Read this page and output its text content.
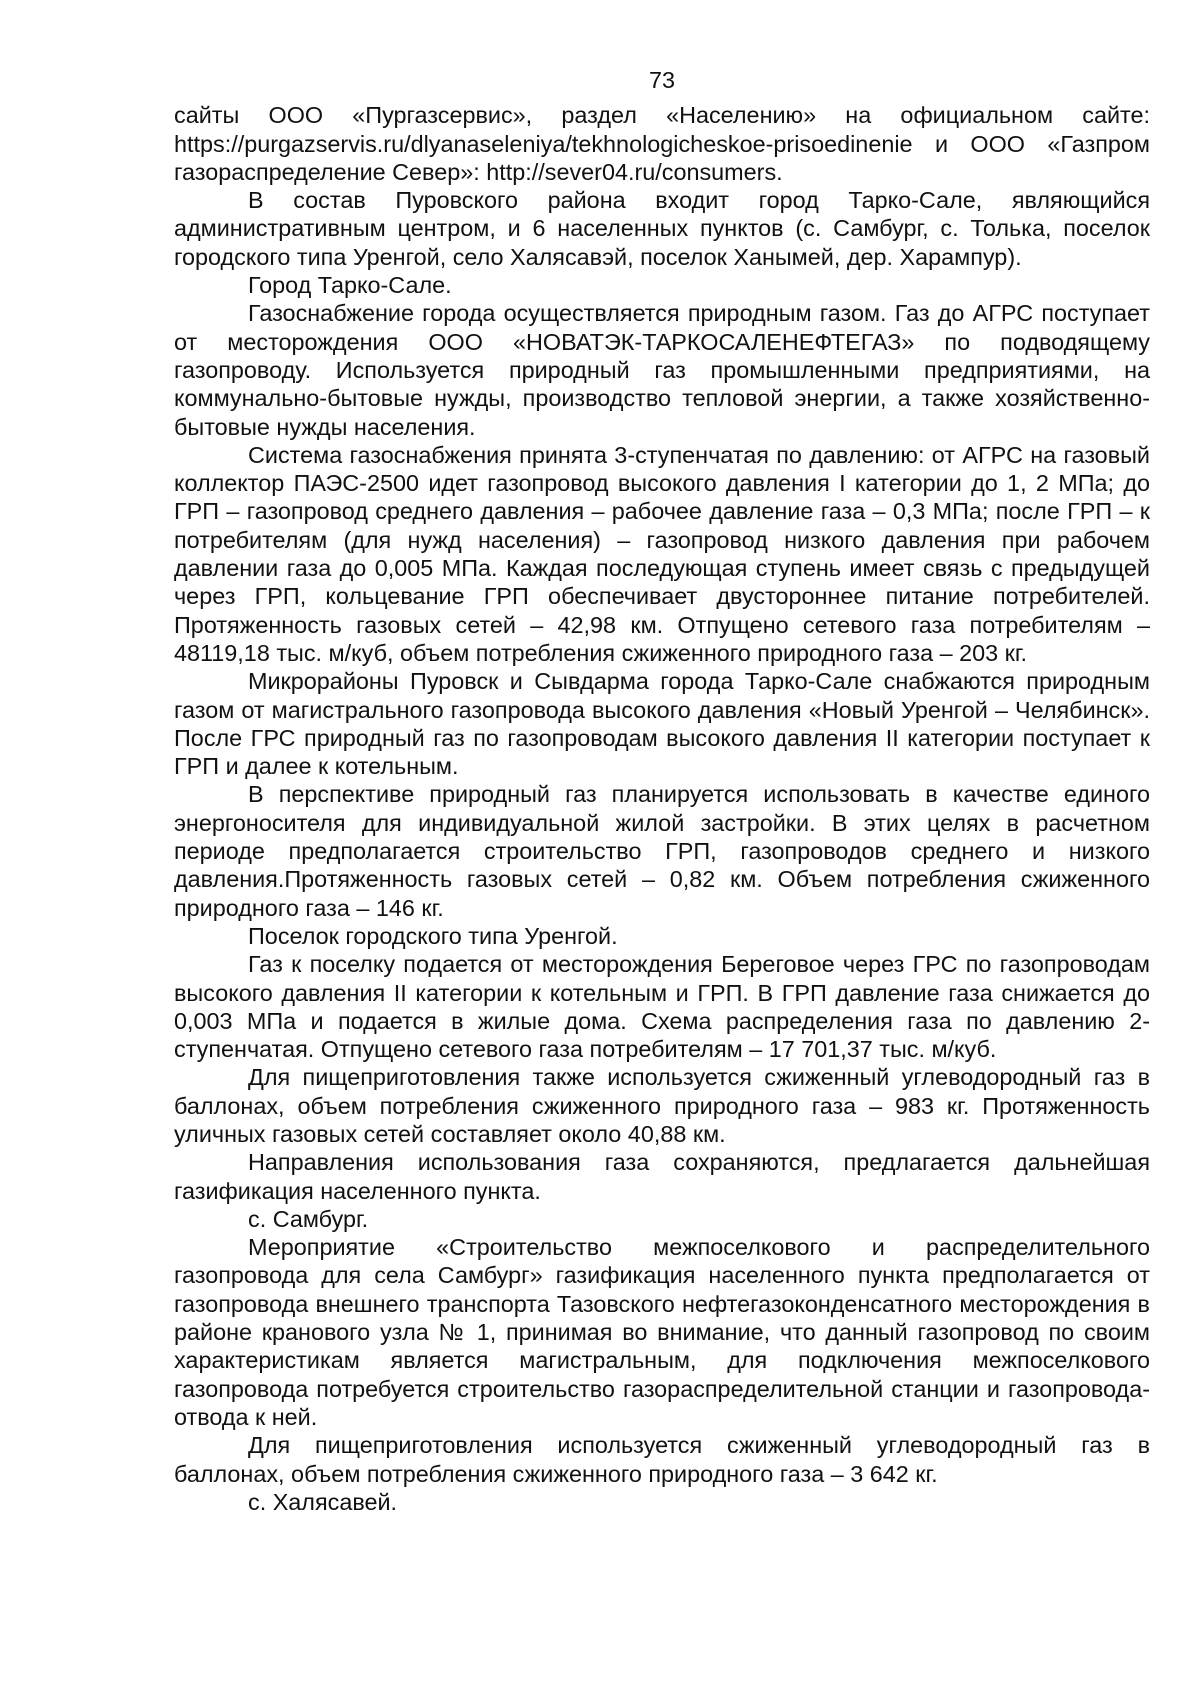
73

сайты ООО «Пургазсервис», раздел «Населению» на официальном сайте: https://purgazservis.ru/dlyanaseleniya/tekhnologicheskoe-prisoedinenie и ООО «Газпром газораспределение Север»: http://sever04.ru/consumers.

В состав Пуровского района входит город Тарко-Сале, являющийся административным центром, и 6 населенных пунктов (с. Самбург, с. Толька, поселок городского типа Уренгой, село Халясавэй, поселок Ханымей, дер. Харампур).

Город Тарко-Сале.

Газоснабжение города осуществляется природным газом. Газ до АГРС поступает от месторождения ООО «НОВАТЭК-ТАРКОСАЛЕНЕФТЕГАЗ» по подводящему газопроводу. Используется природный газ промышленными предприятиями, на коммунально-бытовые нужды, производство тепловой энергии, а также хозяйственно-бытовые нужды населения.

Система газоснабжения принята 3-ступенчатая по давлению: от АГРС на газовый коллектор ПАЭС-2500 идет газопровод высокого давления I категории до 1, 2 МПа; до ГРП – газопровод среднего давления – рабочее давление газа – 0,3 МПа; после ГРП – к потребителям (для нужд населения) – газопровод низкого давления при рабочем давлении газа до 0,005 МПа. Каждая последующая ступень имеет связь с предыдущей через ГРП, кольцевание ГРП обеспечивает двустороннее питание потребителей. Протяженность газовых сетей – 42,98 км. Отпущено сетевого газа потребителям – 48119,18 тыс. м/куб, объем потребления сжиженного природного газа – 203 кг.

Микрорайоны Пуровск и Сывдарма города Тарко-Сале снабжаются природным газом от магистрального газопровода высокого давления «Новый Уренгой – Челябинск». После ГРС природный газ по газопроводам высокого давления II категории поступает к ГРП и далее к котельным.

В перспективе природный газ планируется использовать в качестве единого энергоносителя для индивидуальной жилой застройки. В этих целях в расчетном периоде предполагается строительство ГРП, газопроводов среднего и низкого давления.Протяженность газовых сетей – 0,82 км. Объем потребления сжиженного природного газа – 146 кг.

Поселок городского типа Уренгой.

Газ к поселку подается от месторождения Береговое через ГРС по газопроводам высокого давления II категории к котельным и ГРП. В ГРП давление газа снижается до 0,003 МПа и подается в жилые дома. Схема распределения газа по давлению 2-ступенчатая. Отпущено сетевого газа потребителям – 17 701,37 тыс. м/куб.

Для пищеприготовления также используется сжиженный углеводородный газ в баллонах, объем потребления сжиженного природного газа – 983 кг. Протяженность уличных газовых сетей составляет около 40,88 км.

Направления использования газа сохраняются, предлагается дальнейшая газификация населенного пункта.

с. Самбург.

Мероприятие «Строительство межпоселкового и распределительного газопровода для села Самбург» газификация населенного пункта предполагается от газопровода внешнего транспорта Тазовского нефтегазоконденсатного месторождения в районе кранового узла № 1, принимая во внимание, что данный газопровод по своим характеристикам является магистральным, для подключения межпоселкового газопровода потребуется строительство газораспределительной станции и газопровода-отвода к ней.

Для пищеприготовления используется сжиженный углеводородный газ в баллонах, объем потребления сжиженного природного газа – 3 642 кг.

с. Халясавей.
